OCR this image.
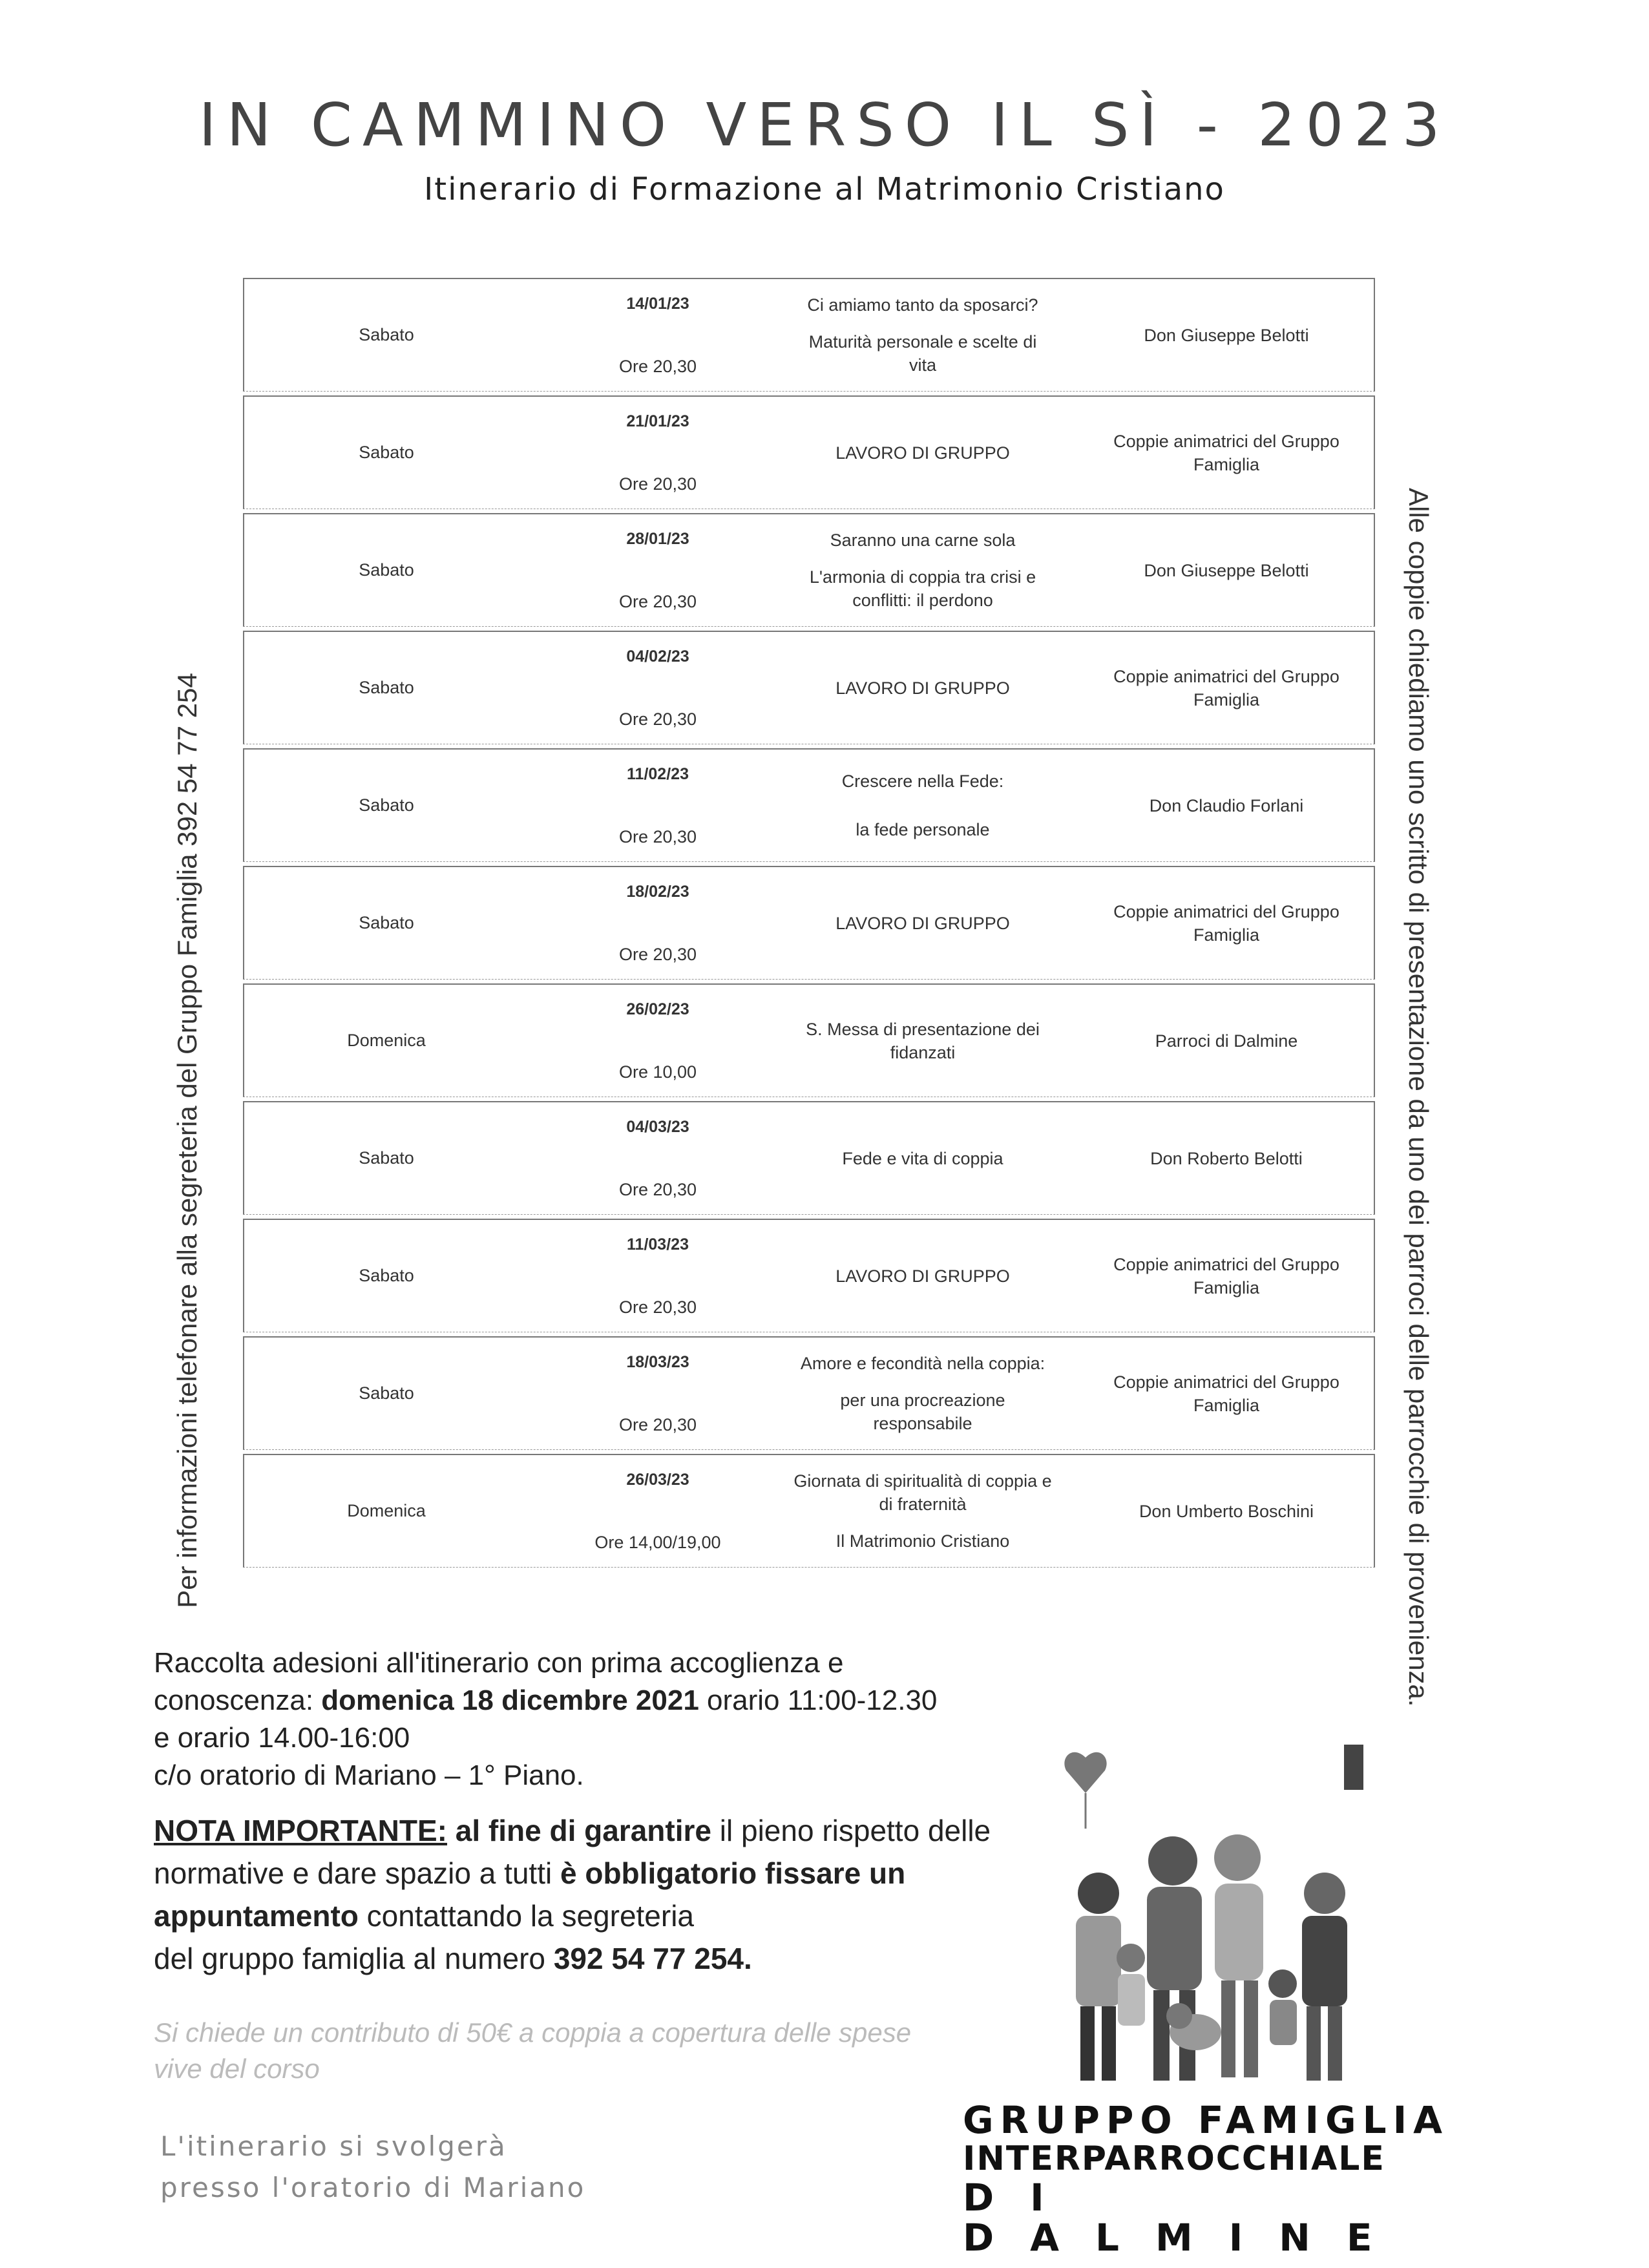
IN CAMMINO VERSO IL SÌ - 2023
Itinerario di Formazione al Matrimonio Cristiano
Per informazioni telefonare alla segreteria del Gruppo Famiglia 392 54 77 254	Alle coppie chiediamo uno scritto di presentazione da uno dei parroci delle parrocchie di provenienza.
Sabato
14/01/23
Ore 20,30
Ci amiamo tanto da sposarci?
Maturità personale e scelte di vita
Don Giuseppe Belotti
Sabato
21/01/23
Ore 20,30
LAVORO DI GRUPPO
Coppie animatrici del Gruppo Famiglia
Sabato
28/01/23
Ore 20,30
Saranno una carne sola
L'armonia di coppia tra crisi e conflitti: il perdono
Don Giuseppe Belotti
Sabato
04/02/23
Ore 20,30
LAVORO DI GRUPPO
Coppie animatrici del Gruppo Famiglia
Sabato
11/02/23
Ore 20,30
Crescere nella Fede:
la fede personale
Don Claudio Forlani
Sabato
18/02/23
Ore 20,30
LAVORO DI GRUPPO
Coppie animatrici del Gruppo Famiglia
Domenica
26/02/23
Ore 10,00
S. Messa di presentazione dei fidanzati
Parroci di Dalmine
Sabato
04/03/23
Ore 20,30
Fede e vita di coppia	Don Roberto Belotti
Sabato
11/03/23
Ore 20,30
LAVORO DI GRUPPO
Coppie animatrici del Gruppo Famiglia
Sabato
18/03/23
Ore 20,30
Amore e fecondità nella coppia:
per una procreazione responsabile
Coppie animatrici del Gruppo Famiglia
Domenica
26/03/23
Ore 14,00/19,00
Giornata di spiritualità di coppia e di fraternità
Il Matrimonio Cristiano
Don Umberto Boschini
Raccolta adesioni all'itinerario con prima accoglienza e
conoscenza: domenica 18 dicembre 2021 orario 11:00-12.30
e orario 14.00-16:00
c/o oratorio di Mariano – 1° Piano.
NOTA IMPORTANTE: al fine di garantire il pieno rispetto delle normative e dare spazio a tutti è obbligatorio fissare un appuntamento contattando la segreteria
del gruppo famiglia al numero 392 54 77 254.
Si chiede un contributo di 50€ a coppia a copertura delle spese vive del corso
L'itinerario si svolgerà
presso l'oratorio di Mariano
GRUPPO FAMIGLIA
INTERPARROCCHIALE
DI DALMINE
